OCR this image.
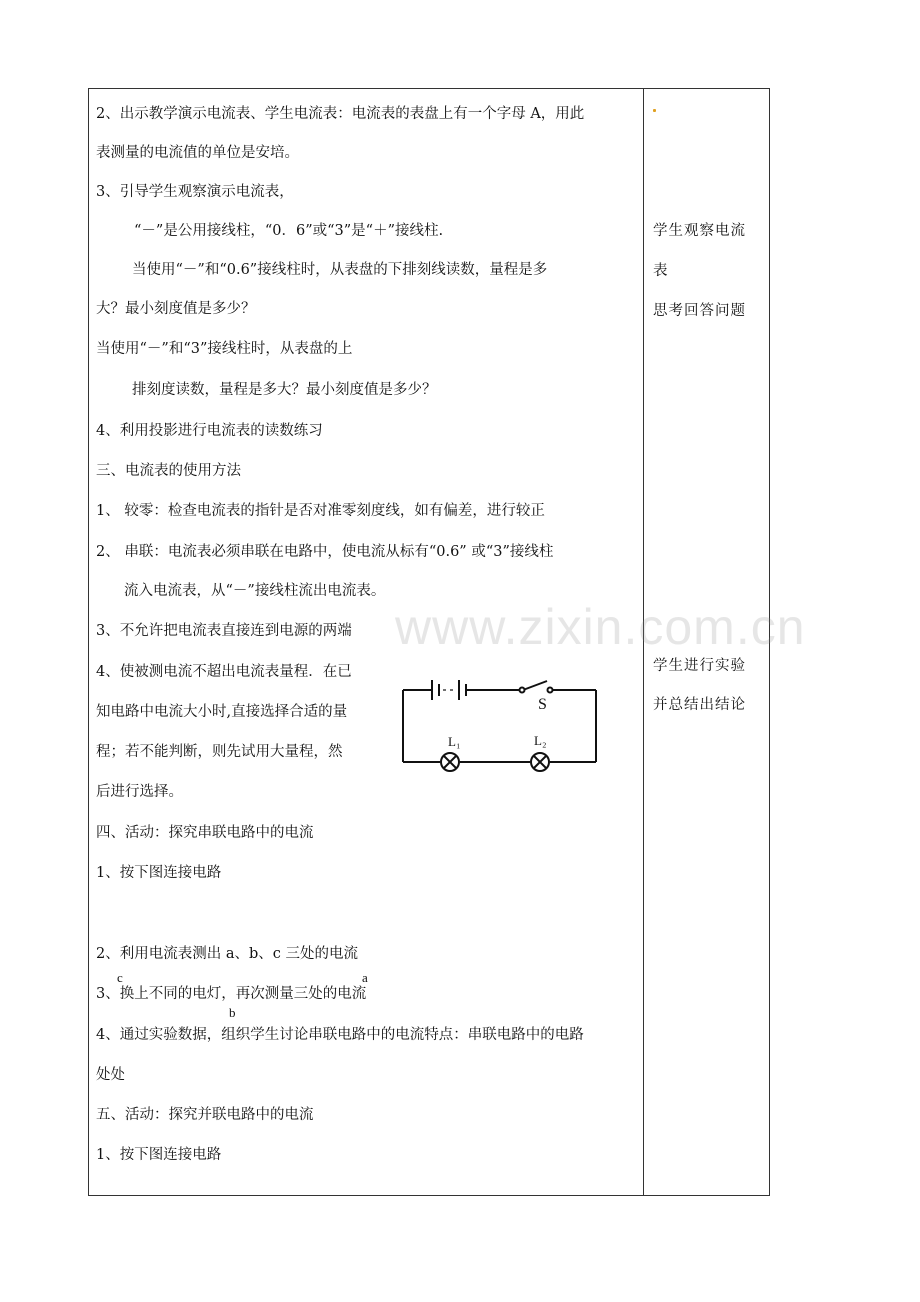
2、出示教学演示电流表、学生电流表：电流表的表盘上有一个字母 A，用此
表测量的电流值的单位是安培。
3、引导学生观察演示电流表，
“－”是公用接线柱，“0．6”或“3”是“＋”接线柱.
当使用“－”和“0.6”接线柱时，从表盘的下排刻线读数，量程是多
大？最小刻度值是多少？
当使用“－”和“3”接线柱时，从表盘的上
排刻度读数，量程是多大？最小刻度值是多少？
4、利用投影进行电流表的读数练习
三、电流表的使用方法
1、 较零：检查电流表的指针是否对准零刻度线，如有偏差，进行较正
2、 串联：电流表必须串联在电路中，使电流从标有“0.6” 或“3”接线柱
流入电流表，从“－”接线柱流出电流表。
3、不允许把电流表直接连到电源的两端
4、使被测电流不超出电流表量程．在已
知电路中电流大小时,直接选择合适的量
程；若不能判断，则先试用大量程，然
后进行选择。
四、活动：探究串联电路中的电流
1、按下图连接电路
2、利用电流表测出 a、b、c 三处的电流
3、换上不同的电灯，再次测量三处的电流
4、通过实验数据，组织学生讨论串联电路中的电流特点：串联电路中的电路
处处
五、活动：探究并联电路中的电流
1、按下图连接电路
c	a
b
学生观察电流
表
思考回答问题
学生进行实验
并总结出结论
S
L₁	L₂
www.zixin.com.cn
